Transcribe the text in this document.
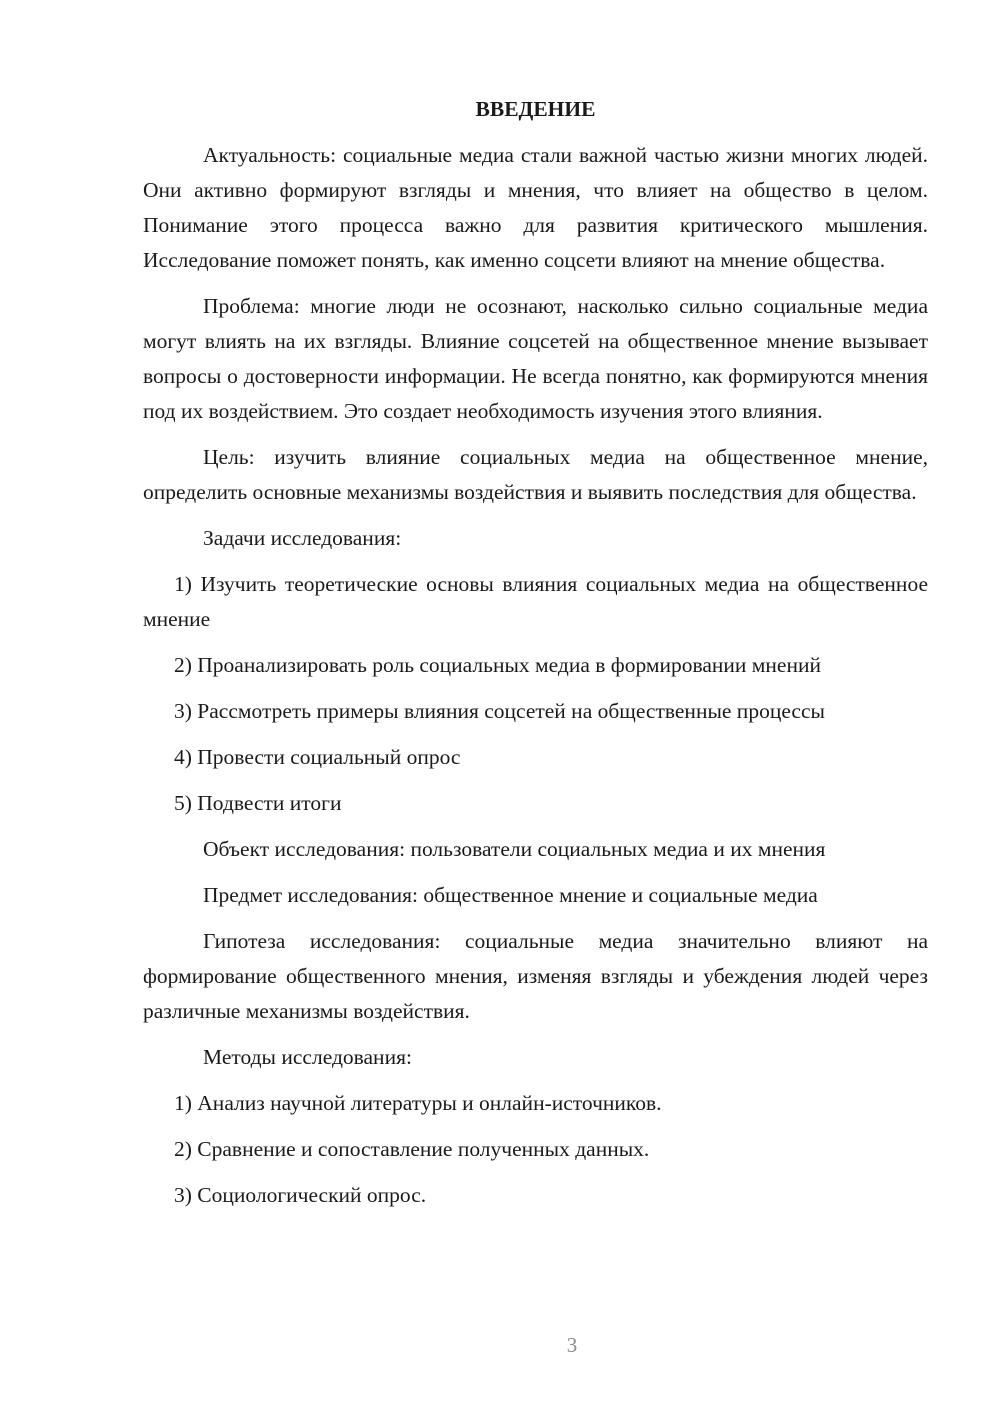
ВВЕДЕНИЕ

Актуальность: социальные медиа стали важной частью жизни многих людей. Они активно формируют взгляды и мнения, что влияет на общество в целом. Понимание этого процесса важно для развития критического мышления. Исследование поможет понять, как именно соцсети влияют на мнение общества.

Проблема: многие люди не осознают, насколько сильно социальные медиа могут влиять на их взгляды. Влияние соцсетей на общественное мнение вызывает вопросы о достоверности информации. Не всегда понятно, как формируются мнения под их воздействием. Это создает необходимость изучения этого влияния.

Цель: изучить влияние социальных медиа на общественное мнение, определить основные механизмы воздействия и выявить последствия для общества.

Задачи исследования:

1) Изучить теоретические основы влияния социальных медиа на общественное мнение

2) Проанализировать роль социальных медиа в формировании мнений

3) Рассмотреть примеры влияния соцсетей на общественные процессы

4) Провести социальный опрос

5) Подвести итоги

Объект исследования: пользователи социальных медиа и их мнения

Предмет исследования: общественное мнение и социальные медиа

Гипотеза исследования: социальные медиа значительно влияют на формирование общественного мнения, изменяя взгляды и убеждения людей через различные механизмы воздействия.

Методы исследования:

1) Анализ научной литературы и онлайн-источников.

2) Сравнение и сопоставление полученных данных.

3) Социологический опрос.

3
